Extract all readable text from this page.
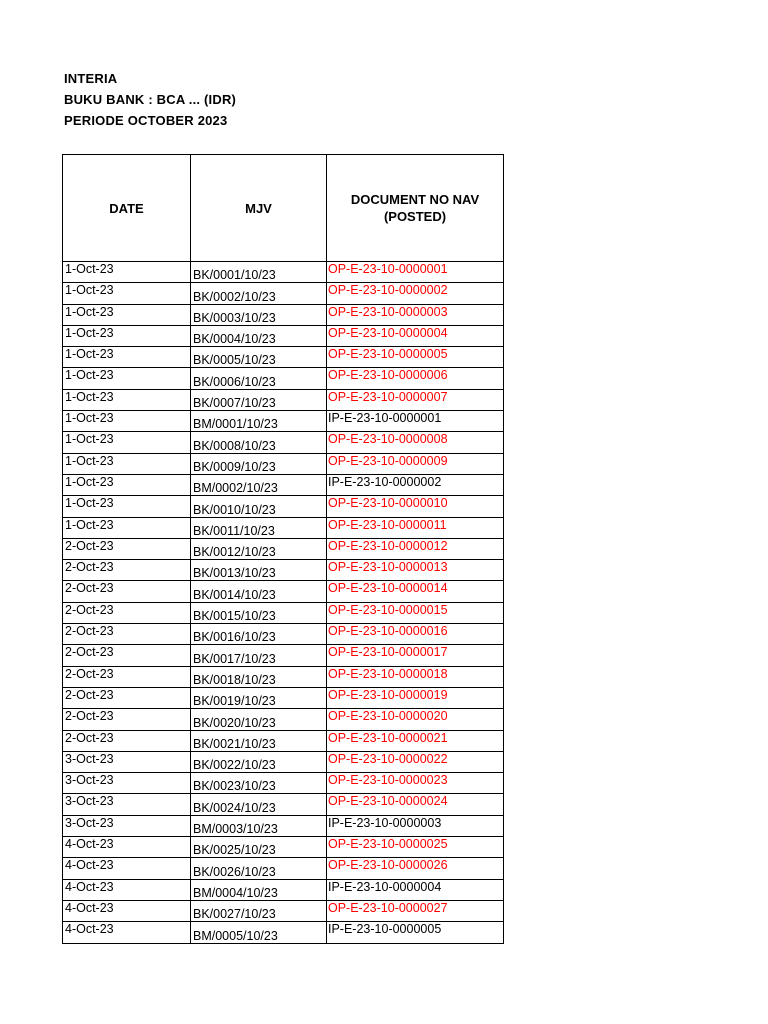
INTERIA
BUKU BANK : BCA ... (IDR)
PERIODE OCTOBER 2023
DATE	MJV	DOCUMENT NO NAV (POSTED)
1-Oct-23	BK/0001/10/23	OP-E-23-10-0000001
1-Oct-23	BK/0002/10/23	OP-E-23-10-0000002
1-Oct-23	BK/0003/10/23	OP-E-23-10-0000003
1-Oct-23	BK/0004/10/23	OP-E-23-10-0000004
1-Oct-23	BK/0005/10/23	OP-E-23-10-0000005
1-Oct-23	BK/0006/10/23	OP-E-23-10-0000006
1-Oct-23	BK/0007/10/23	OP-E-23-10-0000007
1-Oct-23	BM/0001/10/23	IP-E-23-10-0000001
1-Oct-23	BK/0008/10/23	OP-E-23-10-0000008
1-Oct-23	BK/0009/10/23	OP-E-23-10-0000009
1-Oct-23	BM/0002/10/23	IP-E-23-10-0000002
1-Oct-23	BK/0010/10/23	OP-E-23-10-0000010
1-Oct-23	BK/0011/10/23	OP-E-23-10-0000011
2-Oct-23	BK/0012/10/23	OP-E-23-10-0000012
2-Oct-23	BK/0013/10/23	OP-E-23-10-0000013
2-Oct-23	BK/0014/10/23	OP-E-23-10-0000014
2-Oct-23	BK/0015/10/23	OP-E-23-10-0000015
2-Oct-23	BK/0016/10/23	OP-E-23-10-0000016
2-Oct-23	BK/0017/10/23	OP-E-23-10-0000017
2-Oct-23	BK/0018/10/23	OP-E-23-10-0000018
2-Oct-23	BK/0019/10/23	OP-E-23-10-0000019
2-Oct-23	BK/0020/10/23	OP-E-23-10-0000020
2-Oct-23	BK/0021/10/23	OP-E-23-10-0000021
3-Oct-23	BK/0022/10/23	OP-E-23-10-0000022
3-Oct-23	BK/0023/10/23	OP-E-23-10-0000023
3-Oct-23	BK/0024/10/23	OP-E-23-10-0000024
3-Oct-23	BM/0003/10/23	IP-E-23-10-0000003
4-Oct-23	BK/0025/10/23	OP-E-23-10-0000025
4-Oct-23	BK/0026/10/23	OP-E-23-10-0000026
4-Oct-23	BM/0004/10/23	IP-E-23-10-0000004
4-Oct-23	BK/0027/10/23	OP-E-23-10-0000027
4-Oct-23	BM/0005/10/23	IP-E-23-10-0000005
